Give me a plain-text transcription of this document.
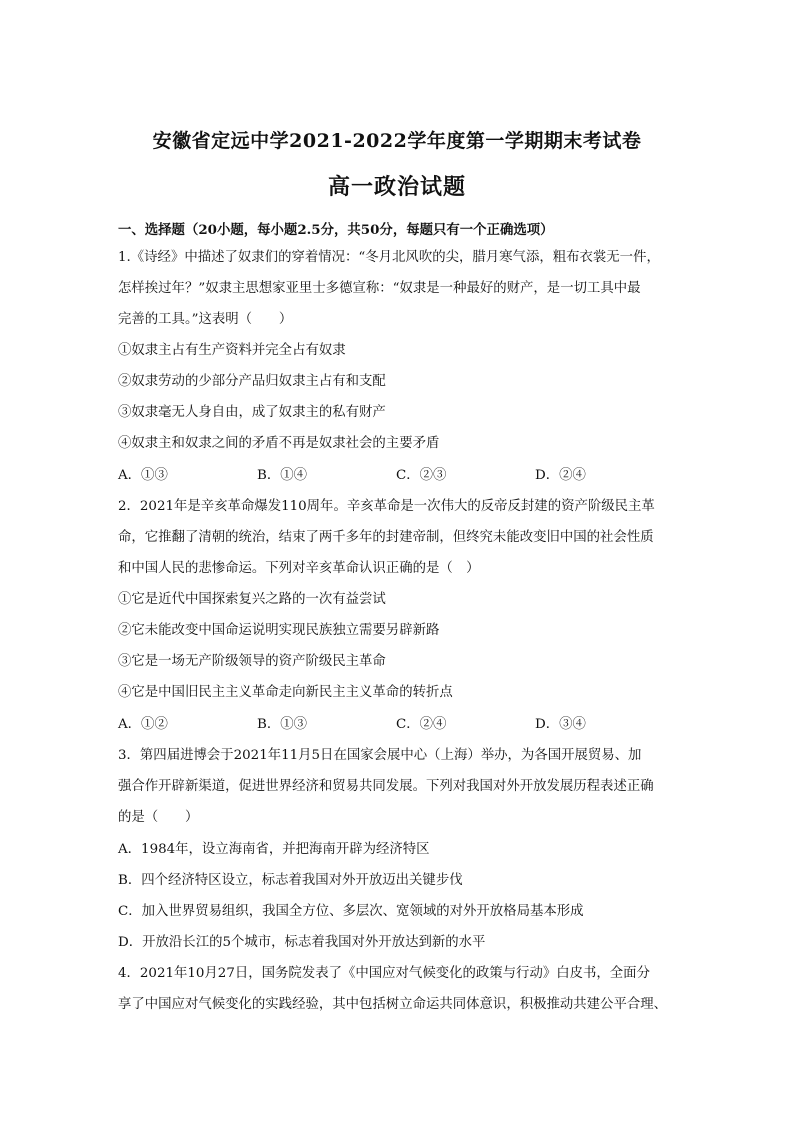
安徽省定远中学2021-2022学年度第一学期期末考试卷
高一政治试题
一、选择题（20小题，每小题2.5分，共50分，每题只有一个正确选项）
1.《诗经》中描述了奴隶们的穿着情况：“冬月北风吹的尖，腊月寒气添，粗布衣裳无一件，
怎样挨过年？”奴隶主思想家亚里士多德宣称：“奴隶是一种最好的财产，是一切工具中最
完善的工具。”这表明（　　）
①奴隶主占有生产资料并完全占有奴隶
②奴隶劳动的少部分产品归奴隶主占有和支配
③奴隶毫无人身自由，成了奴隶主的私有财产
④奴隶主和奴隶之间的矛盾不再是奴隶社会的主要矛盾
A．①③	B．①④	C．②③	D．②④
2．2021年是辛亥革命爆发110周年。辛亥革命是一次伟大的反帝反封建的资产阶级民主革
命，它推翻了清朝的统治，结束了两千多年的封建帝制，但终究未能改变旧中国的社会性质
和中国人民的悲惨命运。下列对辛亥革命认识正确的是（　）
①它是近代中国探索复兴之路的一次有益尝试
②它未能改变中国命运说明实现民族独立需要另辟新路
③它是一场无产阶级领导的资产阶级民主革命
④它是中国旧民主主义革命走向新民主主义革命的转折点
A．①②	B．①③	C．②④	D．③④
3．第四届进博会于2021年11月5日在国家会展中心（上海）举办，为各国开展贸易、加
强合作开辟新渠道，促进世界经济和贸易共同发展。下列对我国对外开放发展历程表述正确
的是（　　）
A．1984年，设立海南省，并把海南开辟为经济特区
B．四个经济特区设立，标志着我国对外开放迈出关键步伐
C．加入世界贸易组织，我国全方位、多层次、宽领域的对外开放格局基本形成
D．开放沿长江的5个城市，标志着我国对外开放达到新的水平
4．2021年10月27日，国务院发表了《中国应对气候变化的政策与行动》白皮书，全面分
享了中国应对气候变化的实践经验，其中包括树立命运共同体意识，积极推动共建公平合理、
